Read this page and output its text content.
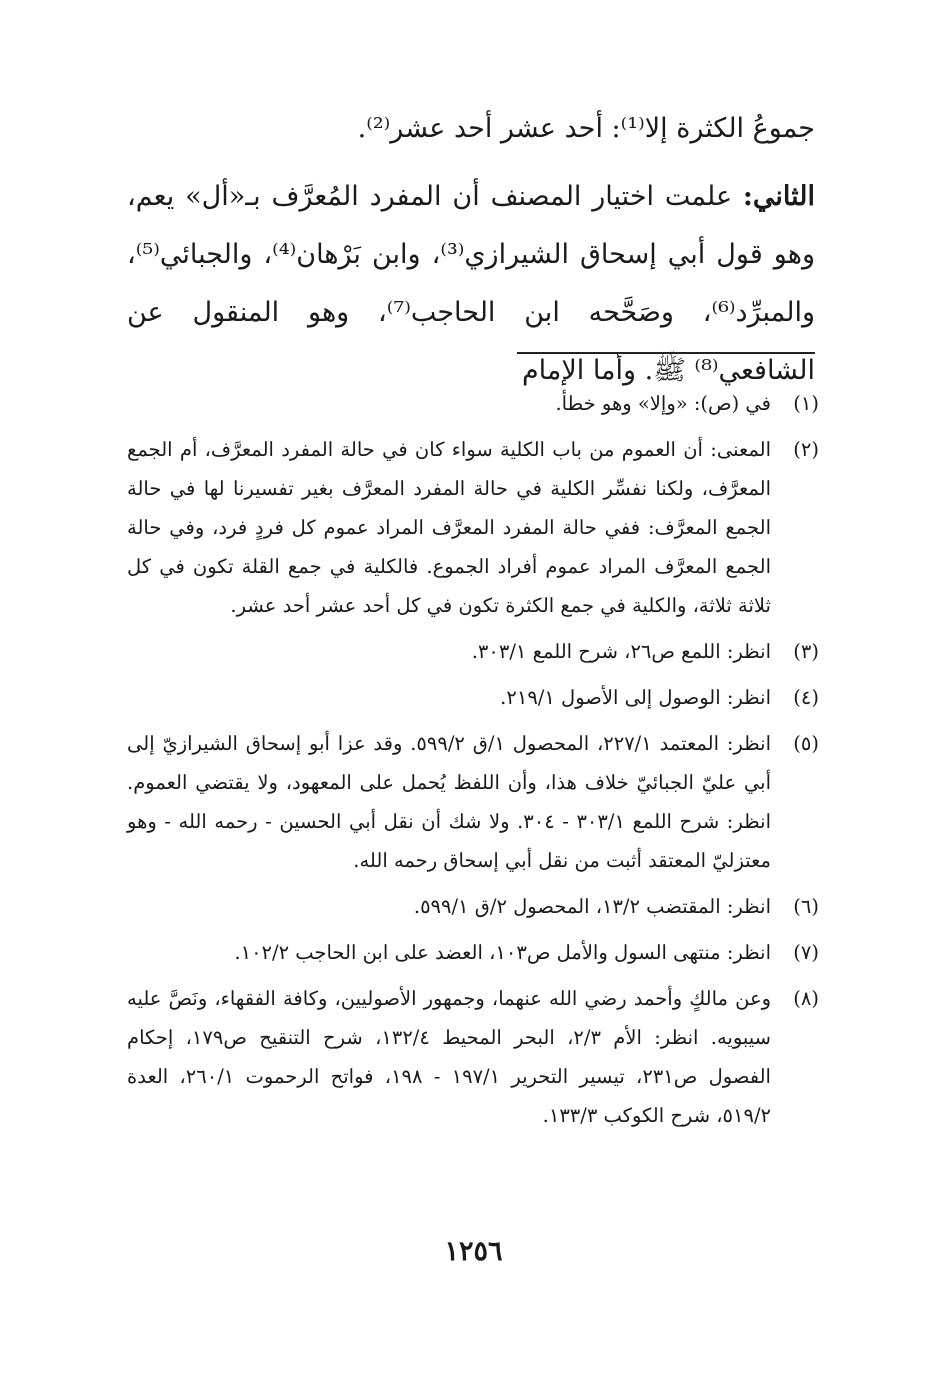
جموعُ الكثرة إلا⁽¹⁾: أحد عشر أحد عشر⁽²⁾.

الثاني: علمت اختيار المصنف أن المفرد المُعرَّف بـ«أل» يعم، وهو قول أبي إسحاق الشيرازي⁽³⁾، وابن بَرْهان⁽⁴⁾، والجبائي⁽⁵⁾، والمبرِّد⁽⁶⁾، وصَحَّحه ابن الحاجب⁽⁷⁾، وهو المنقول عن الشافعي⁽⁸⁾ ﷺ. وأما الإمام

(١)
في (ص): «وإلا» وهو خطأ.
(٢)
المعنى: أن العموم من باب الكلية سواء كان في حالة المفرد المعرَّف، أم الجمع المعرَّف، ولكنا نفسِّر الكلية في حالة المفرد المعرَّف بغير تفسيرنا لها في حالة الجمع المعرَّف: ففي حالة المفرد المعرَّف المراد عموم كل فردٍ فرد، وفي حالة الجمع المعرَّف المراد عموم أفراد الجموع. فالكلية في جمع القلة تكون في كل ثلاثة ثلاثة، والكلية في جمع الكثرة تكون في كل أحد عشر أحد عشر.
(٣)
انظر: اللمع ص٢٦، شرح اللمع ٣٠٣/١.
(٤)
انظر: الوصول إلى الأصول ٢١٩/١.
(٥)
انظر: المعتمد ٢٢٧/١، المحصول ١/ق ٥٩٩/٢. وقد عزا أبو إسحاق الشيرازيّ إلى أبي عليّ الجبائيّ خلاف هذا، وأن اللفظ يُحمل على المعهود، ولا يقتضي العموم. انظر: شرح اللمع ٣٠٣/١ - ٣٠٤. ولا شك أن نقل أبي الحسين - رحمه الله - وهو معتزليّ المعتقد أثبت من نقل أبي إسحاق رحمه الله.
(٦)
انظر: المقتضب ١٣/٢، المحصول ٢/ق ٥٩٩/١.
(٧)
انظر: منتهى السول والأمل ص١٠٣، العضد على ابن الحاجب ١٠٢/٢.
(٨)
وعن مالكٍ وأحمد رضي الله عنهما، وجمهور الأصوليين، وكافة الفقهاء، ونَصَّ عليه سيبويه. انظر: الأم ٢/٣، البحر المحيط ١٣٢/٤، شرح التنقيح ص١٧٩، إحكام الفصول ص٢٣١، تيسير التحرير ١٩٧/١ - ١٩٨، فواتح الرحموت ٢٦٠/١، العدة ٥١٩/٢، شرح الكوكب ١٣٣/٣.
١٢٥٦
